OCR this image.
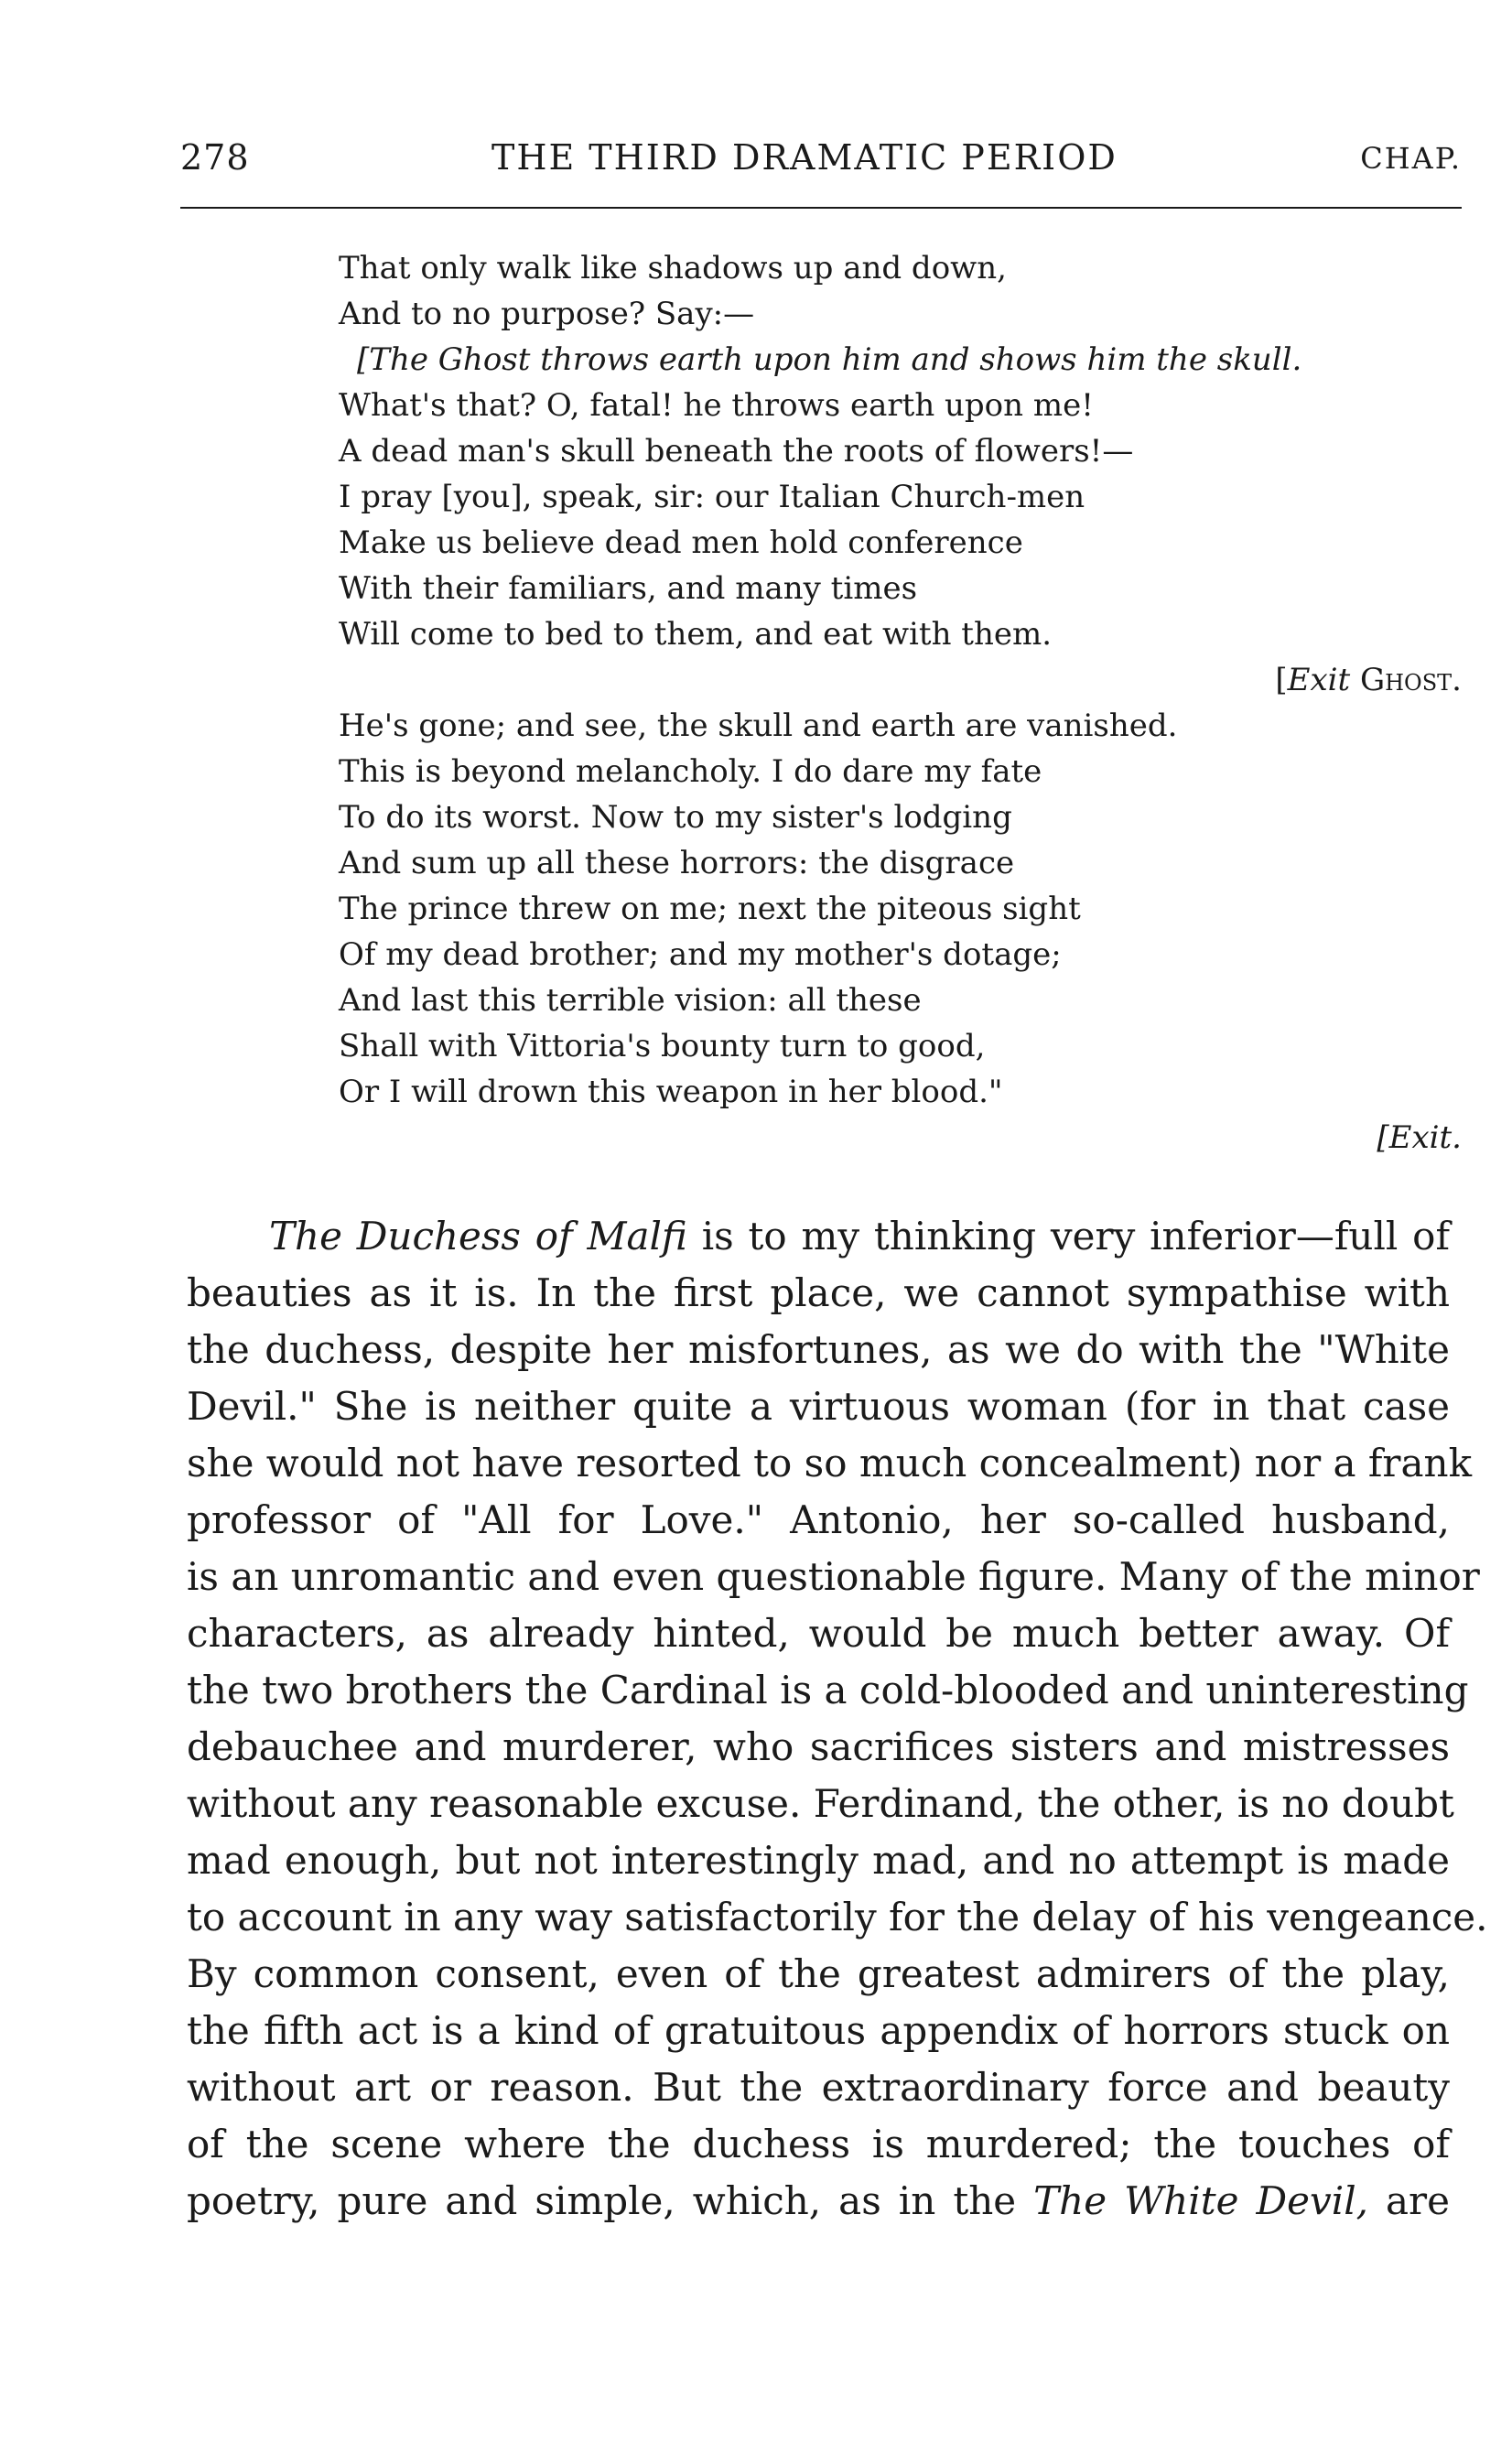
278	THE THIRD DRAMATIC PERIOD	CHAP.
That only walk like shadows up and down,
And to no purpose? Say:—
[The Ghost throws earth upon him and shows him the skull.
What's that? O, fatal! he throws earth upon me!
A dead man's skull beneath the roots of flowers!—
I pray [you], speak, sir: our Italian Church-men
Make us believe dead men hold conference
With their familiars, and many times
Will come to bed to them, and eat with them.
[Exit Ghost.
He's gone; and see, the skull and earth are vanished.
This is beyond melancholy. I do dare my fate
To do its worst. Now to my sister's lodging
And sum up all these horrors: the disgrace
The prince threw on me; next the piteous sight
Of my dead brother; and my mother's dotage;
And last this terrible vision: all these
Shall with Vittoria's bounty turn to good,
Or I will drown this weapon in her blood."
[Exit.
The Duchess of Malfi is to my thinking very inferior—full of
beauties as it is. In the first place, we cannot sympathise with
the duchess, despite her misfortunes, as we do with the "White
Devil." She is neither quite a virtuous woman (for in that case
she would not have resorted to so much concealment) nor a frank
professor of "All for Love." Antonio, her so-called husband,
is an unromantic and even questionable figure. Many of the minor
characters, as already hinted, would be much better away. Of
the two brothers the Cardinal is a cold-blooded and uninteresting
debauchee and murderer, who sacrifices sisters and mistresses
without any reasonable excuse. Ferdinand, the other, is no doubt
mad enough, but not interestingly mad, and no attempt is made
to account in any way satisfactorily for the delay of his vengeance.
By common consent, even of the greatest admirers of the play,
the fifth act is a kind of gratuitous appendix of horrors stuck on
without art or reason. But the extraordinary force and beauty
of the scene where the duchess is murdered; the touches of
poetry, pure and simple, which, as in the The White Devil, are
